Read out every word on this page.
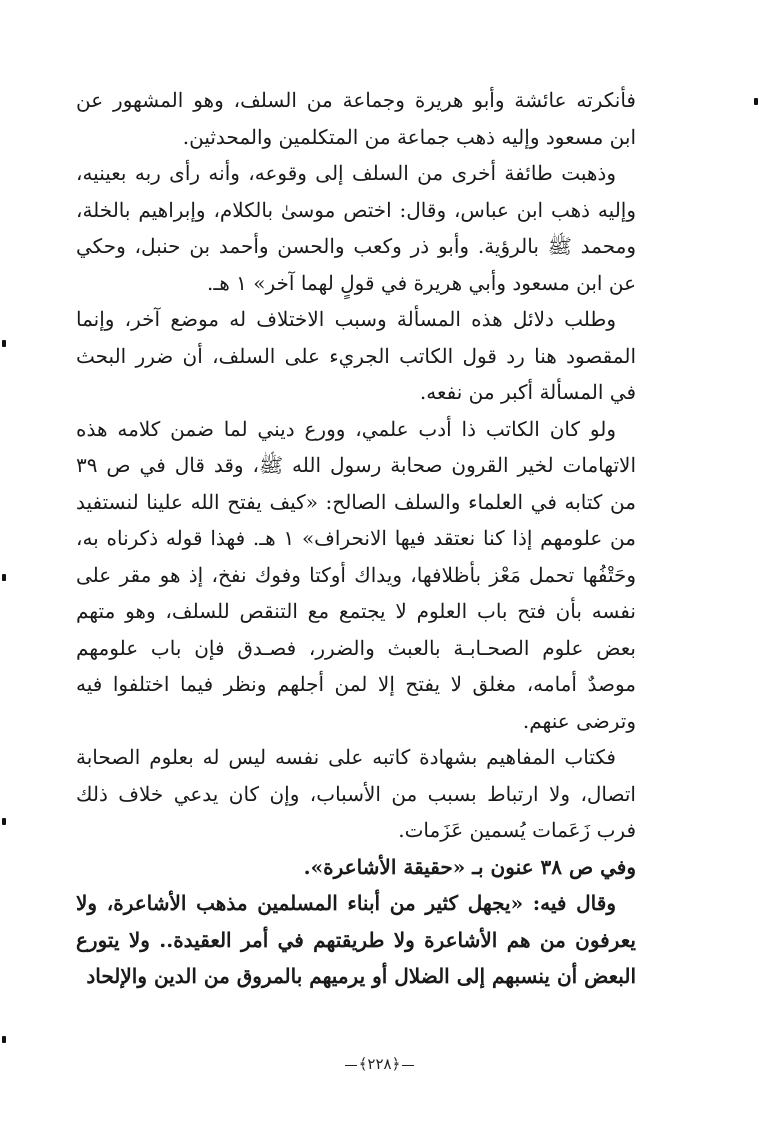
فأنكرته عائشة وأبو هريرة وجماعة من السلف، وهو المشهور عن ابن مسعود وإليه ذهب جماعة من المتكلمين والمحدثين.

وذهبت طائفة أخرى من السلف إلى وقوعه، وأنه رأى ربه بعينيه، وإليه ذهب ابن عباس، وقال: اختص موسىٰ بالكلام، وإبراهيم بالخلة، ومحمد ﷺ بالرؤية. وأبو ذر وكعب والحسن وأحمد بن حنبل، وحكي عن ابن مسعود وأبي هريرة في قولٍ لهما آخر» ١ هـ.

وطلب دلائل هذه المسألة وسبب الاختلاف له موضع آخر، وإنما المقصود هنا رد قول الكاتب الجريء على السلف، أن ضرر البحث في المسألة أكبر من نفعه.

ولو كان الكاتب ذا أدب علمي، وورع ديني لما ضمن كلامه هذه الاتهامات لخير القرون صحابة رسول الله ﷺ، وقد قال في ص ٣٩ من كتابه في العلماء والسلف الصالح: «كيف يفتح الله علينا لنستفيد من علومهم إذا كنا نعتقد فيها الانحراف» ١ هـ. فهذا قوله ذكرناه به، وحَتْفُها تحمل مَعْز بأظلافها، ويداك أوكتا وفوك نفخ، إذ هو مقر على نفسه بأن فتح باب العلوم لا يجتمع مع التنقص للسلف، وهو متهم بعض علوم الصحـابـة بالعبث والضرر، فصـدق فإن باب علومهم موصدٌ أمامه، مغلق لا يفتح إلا لمن أجلهم ونظر فيما اختلفوا فيه وترضى عنهم.

فكتاب المفاهيم بشهادة كاتبه على نفسه ليس له بعلوم الصحابة اتصال، ولا ارتباط بسبب من الأسباب، وإن كان يدعي خلاف ذلك فرب زَعَمات يُسمين عَزَمات.

وفي ص ٣٨ عنون بـ «حقيقة الأشاعرة».

وقال فيه: «يجهل كثير من أبناء المسلمين مذهب الأشاعرة، ولا يعرفون من هم الأشاعرة ولا طريقتهم في أمر العقيدة.. ولا يتورع البعض أن ينسبهم إلى الضلال أو يرميهم بالمروق من الدين والإلحاد

﴿٢٢٨﴾
